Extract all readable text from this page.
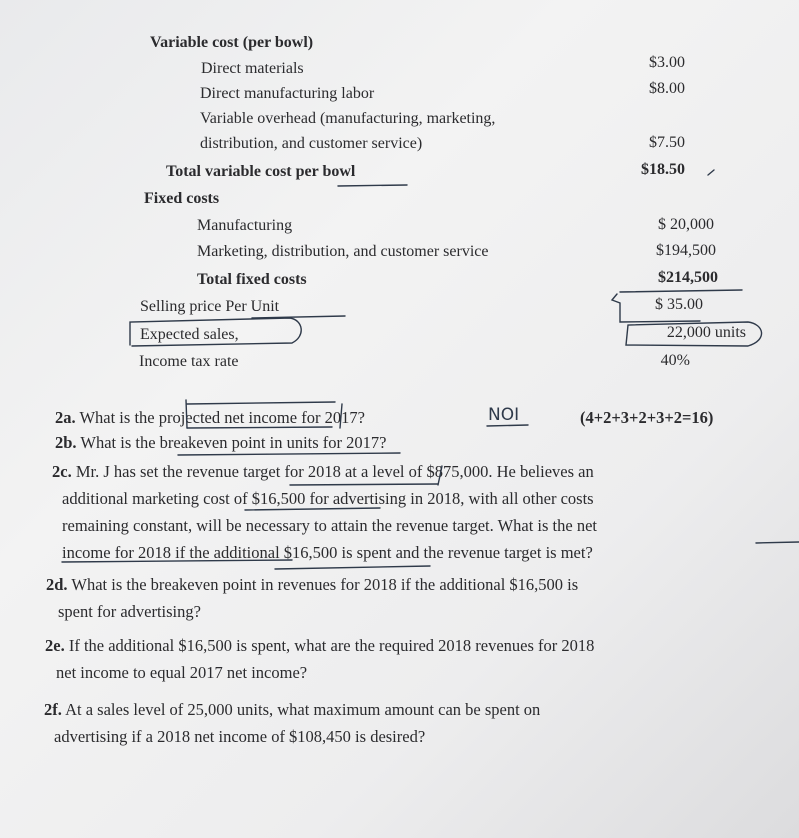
Variable cost (per bowl)
Direct materials	$3.00
Direct manufacturing labor	$8.00
Variable overhead (manufacturing, marketing,
distribution, and customer service)	$7.50
Total variable cost per bowl	$18.50
Fixed costs
Manufacturing	$ 20,000
Marketing, distribution, and customer service	$194,500
Total fixed costs	$214,500
Selling price Per Unit	$ 35.00
Expected sales,	22,000 units
Income tax rate	40%
2a. What is the projected net income for 2017?	(4+2+3+2+3+2=16)
2b. What is the breakeven point in units for 2017?
2c. Mr. J has set the revenue target for 2018 at a level of $875,000. He believes an
additional marketing cost of $16,500 for advertising in 2018, with all other costs
remaining constant, will be necessary to attain the revenue target. What is the net
income for 2018 if the additional $16,500 is spent and the revenue target is met?
2d. What is the breakeven point in revenues for 2018 if the additional $16,500 is
spent for advertising?
2e. If the additional $16,500 is spent, what are the required 2018 revenues for 2018
net income to equal 2017 net income?
2f. At a sales level of 25,000 units, what maximum amount can be spent on
advertising if a 2018 net income of $108,450 is desired?
NOI
